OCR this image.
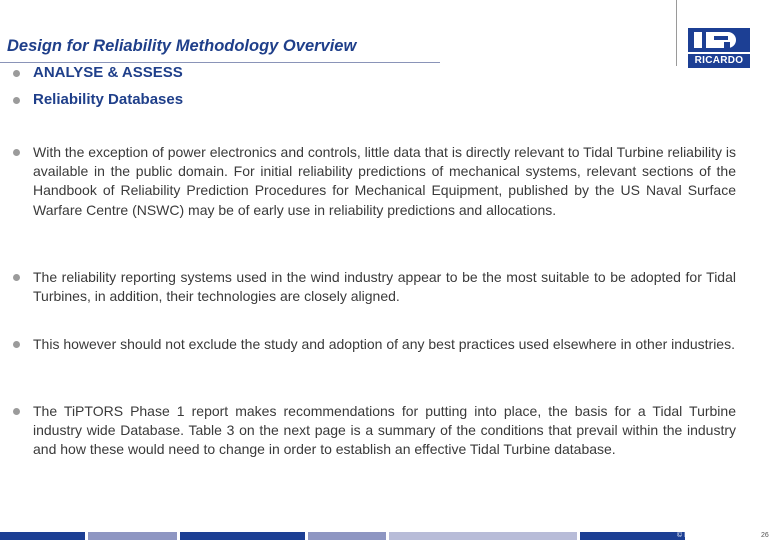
Design for Reliability Methodology Overview
RICARDO
ANALYSE & ASSESS
Reliability Databases

With the exception of power electronics and controls, little data that is directly relevant to Tidal Turbine reliability is available in the public domain. For initial reliability predictions of mechanical systems, relevant sections of the Handbook of Reliability Prediction Procedures for Mechanical Equipment, published by the US Naval Surface Warfare Centre (NSWC) may be of early use in reliability predictions and allocations.

The reliability reporting systems used in the wind industry appear to be the most suitable to be adopted for Tidal Turbines, in addition, their technologies are closely aligned.

This however should not exclude the study and adoption of any best practices used elsewhere in other industries.

The TiPTORS Phase 1 report makes recommendations for putting into place, the basis for a Tidal Turbine industry wide Database. Table 3 on the next page is a summary of the conditions that prevail within the industry and how these would need to change in order to establish an effective Tidal Turbine database.

© Ricardo plc 2016	26
